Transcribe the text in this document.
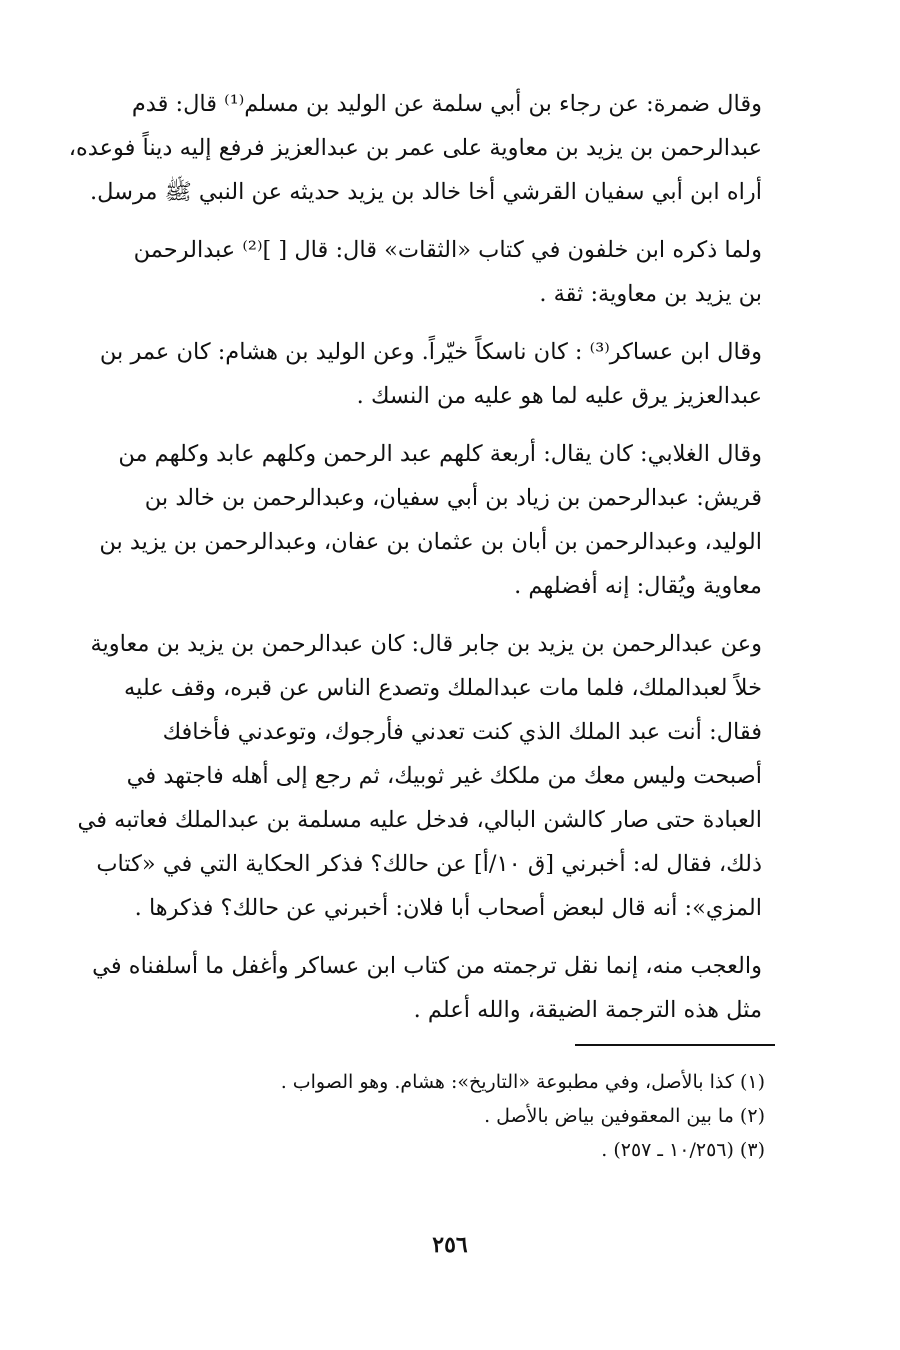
وقال ضمرة: عن رجاء بن أبي سلمة عن الوليد بن مسلم⁽¹⁾ قال: قدم
عبدالرحمن بن يزيد بن معاوية على عمر بن عبدالعزيز فرفع إليه ديناً فوعده،
أراه ابن أبي سفيان القرشي أخا خالد بن يزيد حديثه عن النبي ﷺ مرسل.
ولما ذكره ابن خلفون في كتاب «الثقات» قال: قال [ ]⁽²⁾ عبدالرحمن
بن يزيد بن معاوية: ثقة .
وقال ابن عساكر⁽³⁾ : كان ناسكاً خيّراً. وعن الوليد بن هشام: كان عمر بن
عبدالعزيز يرق عليه لما هو عليه من النسك .
وقال الغلابي: كان يقال: أربعة كلهم عبد الرحمن وكلهم عابد وكلهم من
قريش: عبدالرحمن بن زياد بن أبي سفيان، وعبدالرحمن بن خالد بن
الوليد، وعبدالرحمن بن أبان بن عثمان بن عفان، وعبدالرحمن بن يزيد بن
معاوية ويُقال: إنه أفضلهم .
وعن عبدالرحمن بن يزيد بن جابر قال: كان عبدالرحمن بن يزيد بن معاوية
خلاً لعبدالملك، فلما مات عبدالملك وتصدع الناس عن قبره، وقف عليه
فقال: أنت عبد الملك الذي كنت تعدني فأرجوك، وتوعدني فأخافك
أصبحت وليس معك من ملكك غير ثوبيك، ثم رجع إلى أهله فاجتهد في
العبادة حتى صار كالشن البالي، فدخل عليه مسلمة بن عبدالملك فعاتبه في
ذلك، فقال له: أخبرني [ق ١٠/أ] عن حالك؟ فذكر الحكاية التي في «كتاب
المزي»: أنه قال لبعض أصحاب أبا فلان: أخبرني عن حالك؟ فذكرها .
والعجب منه، إنما نقل ترجمته من كتاب ابن عساكر وأغفل ما أسلفناه في
مثل هذه الترجمة الضيقة، والله أعلم .
(١) كذا بالأصل، وفي مطبوعة «التاريخ»: هشام. وهو الصواب .
(٢) ما بين المعقوفين بياض بالأصل .
(٣) (١٠/٢٥٦ ـ ٢٥٧) .
٢٥٦
